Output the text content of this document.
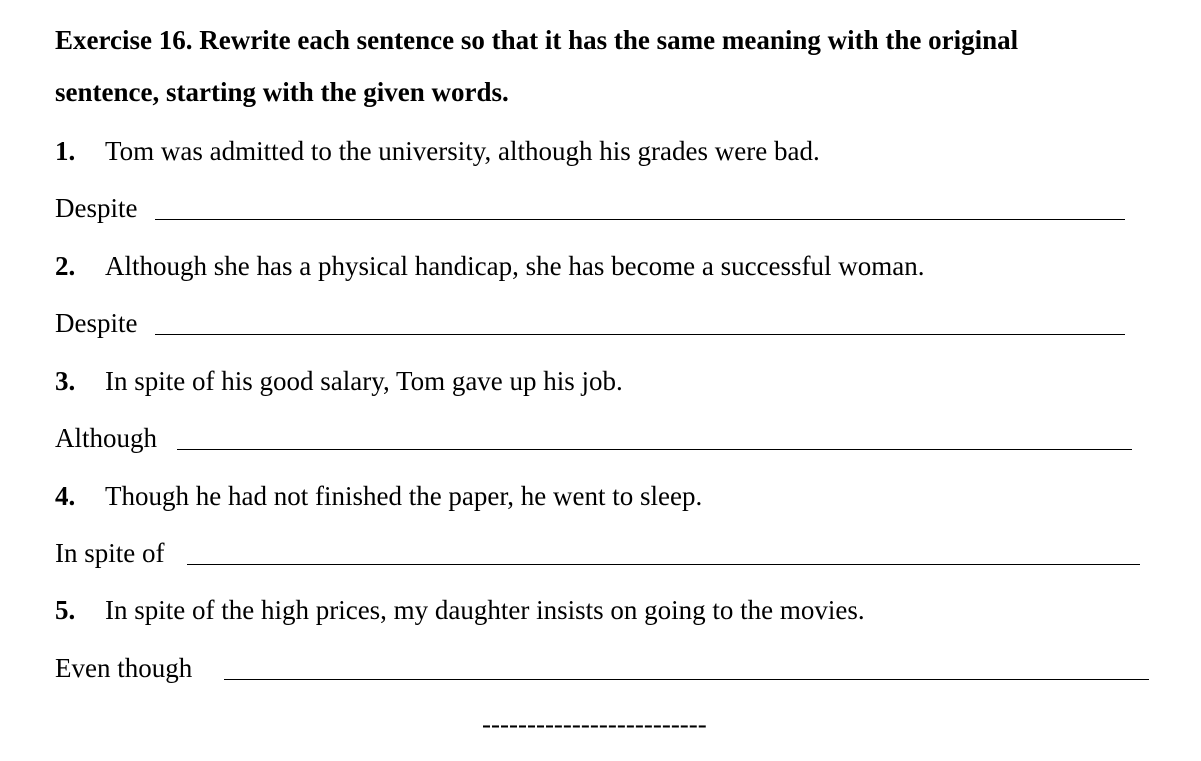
Exercise 16. Rewrite each sentence so that it has the same meaning with the original
sentence, starting with the given words.
1. Tom was admitted to the university, although his grades were bad.
Despite
2. Although she has a physical handicap, she has become a successful woman.
Despite
3. In spite of his good salary, Tom gave up his job.
Although
4. Though he had not finished the paper, he went to sleep.
In spite of
5. In spite of the high prices, my daughter insists on going to the movies.
Even though
-------------------------
